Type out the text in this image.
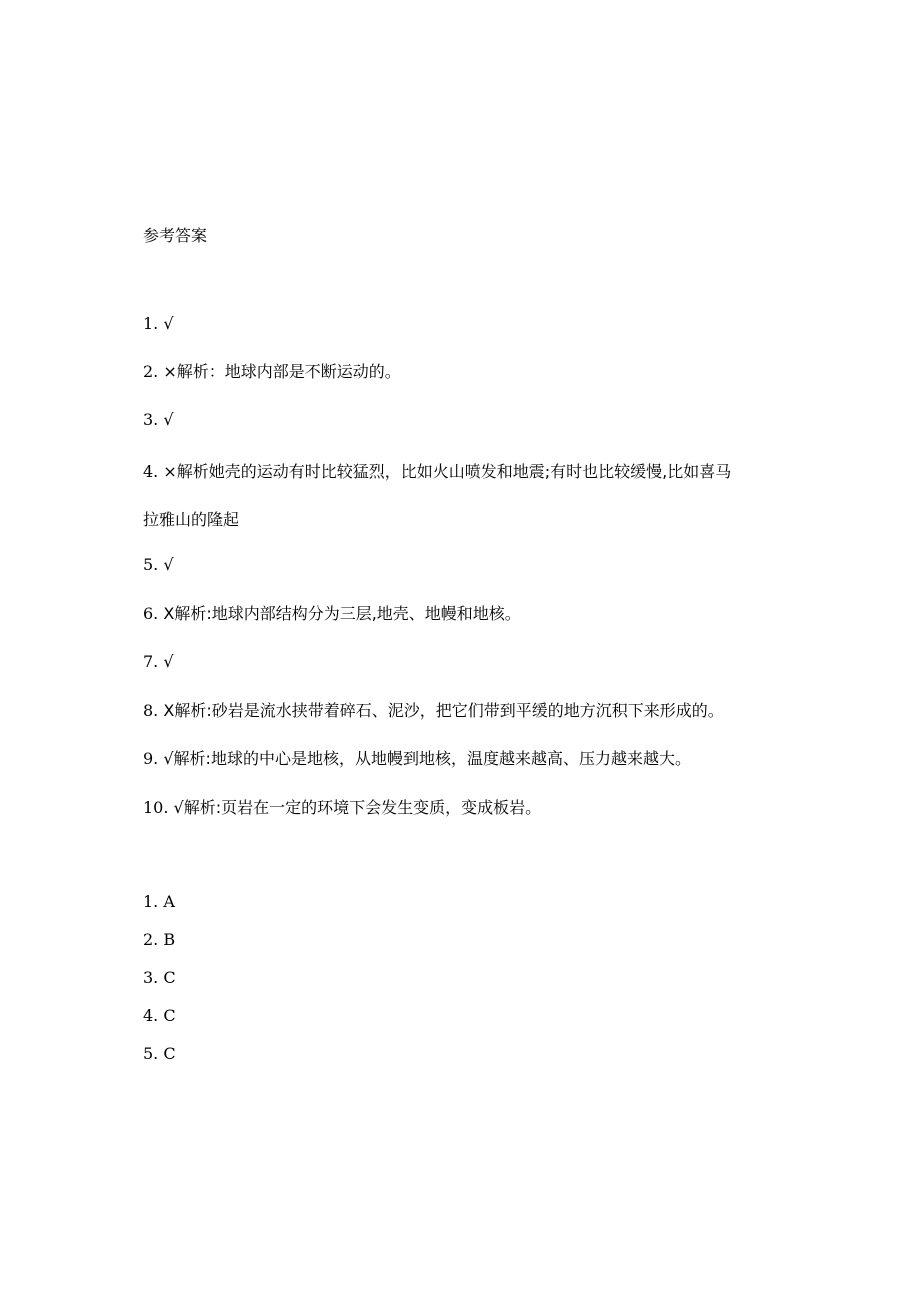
参考答案
1. √
2. ×解析：地球内部是不断运动的。
3. √
4. ×解析她壳的运动有时比较猛烈，比如火山喷发和地震;有时也比较缓慢,比如喜马
拉雅山的隆起
5. √
6. X解析:地球内部结构分为三层,地壳、地幔和地核。
7. √
8. X解析:砂岩是流水挟带着碎石、泥沙，把它们带到平缓的地方沉积下来形成的。
9. √解析:地球的中心是地核，从地幔到地核，温度越来越高、压力越来越大。
10. √解析:页岩在一定的环境下会发生变质，变成板岩。
1. A
2. B
3. C
4. C
5. C
